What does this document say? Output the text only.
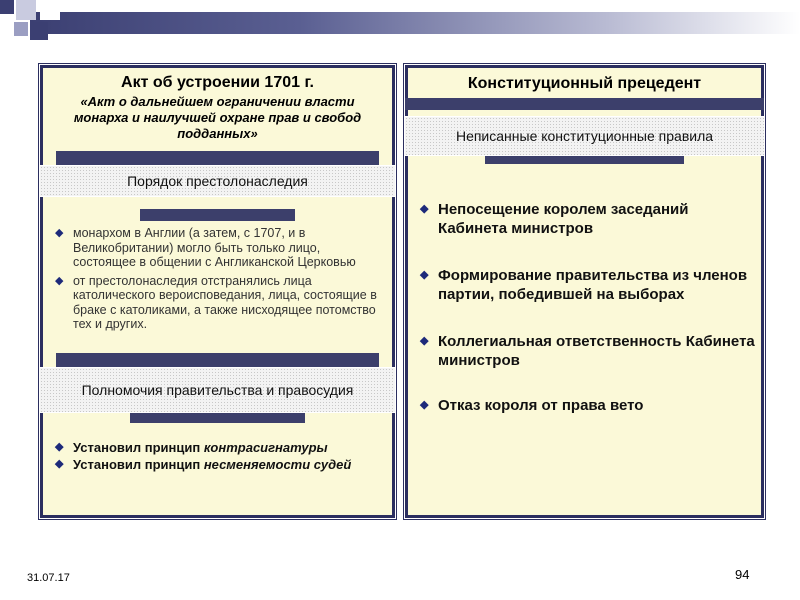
Акт об устроении 1701 г.
«Акт о дальнейшем ограничении власти монарха и наилучшей охране прав и свобод подданных»
Порядок престолонаследия
◆ монархом в Англии (а затем, с 1707, и в Великобритании) могло быть только лицо, состоящее в общении с Англиканской Церковью
◆ от престолонаследия отстранялись лица католического вероисповедания, лица, состоящие в браке с католиками, а также нисходящее потомство тех и других.
Полномочия правительства и правосудия
◆ Установил принцип контрасигнатуры
◆ Установил принцип несменяемости судей
Конституционный прецедент
Неписанные конституционные правила
◆ Непосещение королем заседаний Кабинета министров
◆ Формирование правительства из членов партии, победившей на выборах
◆ Коллегиальная ответственность Кабинета министров
◆ Отказ короля от права вето
31.07.17	94
